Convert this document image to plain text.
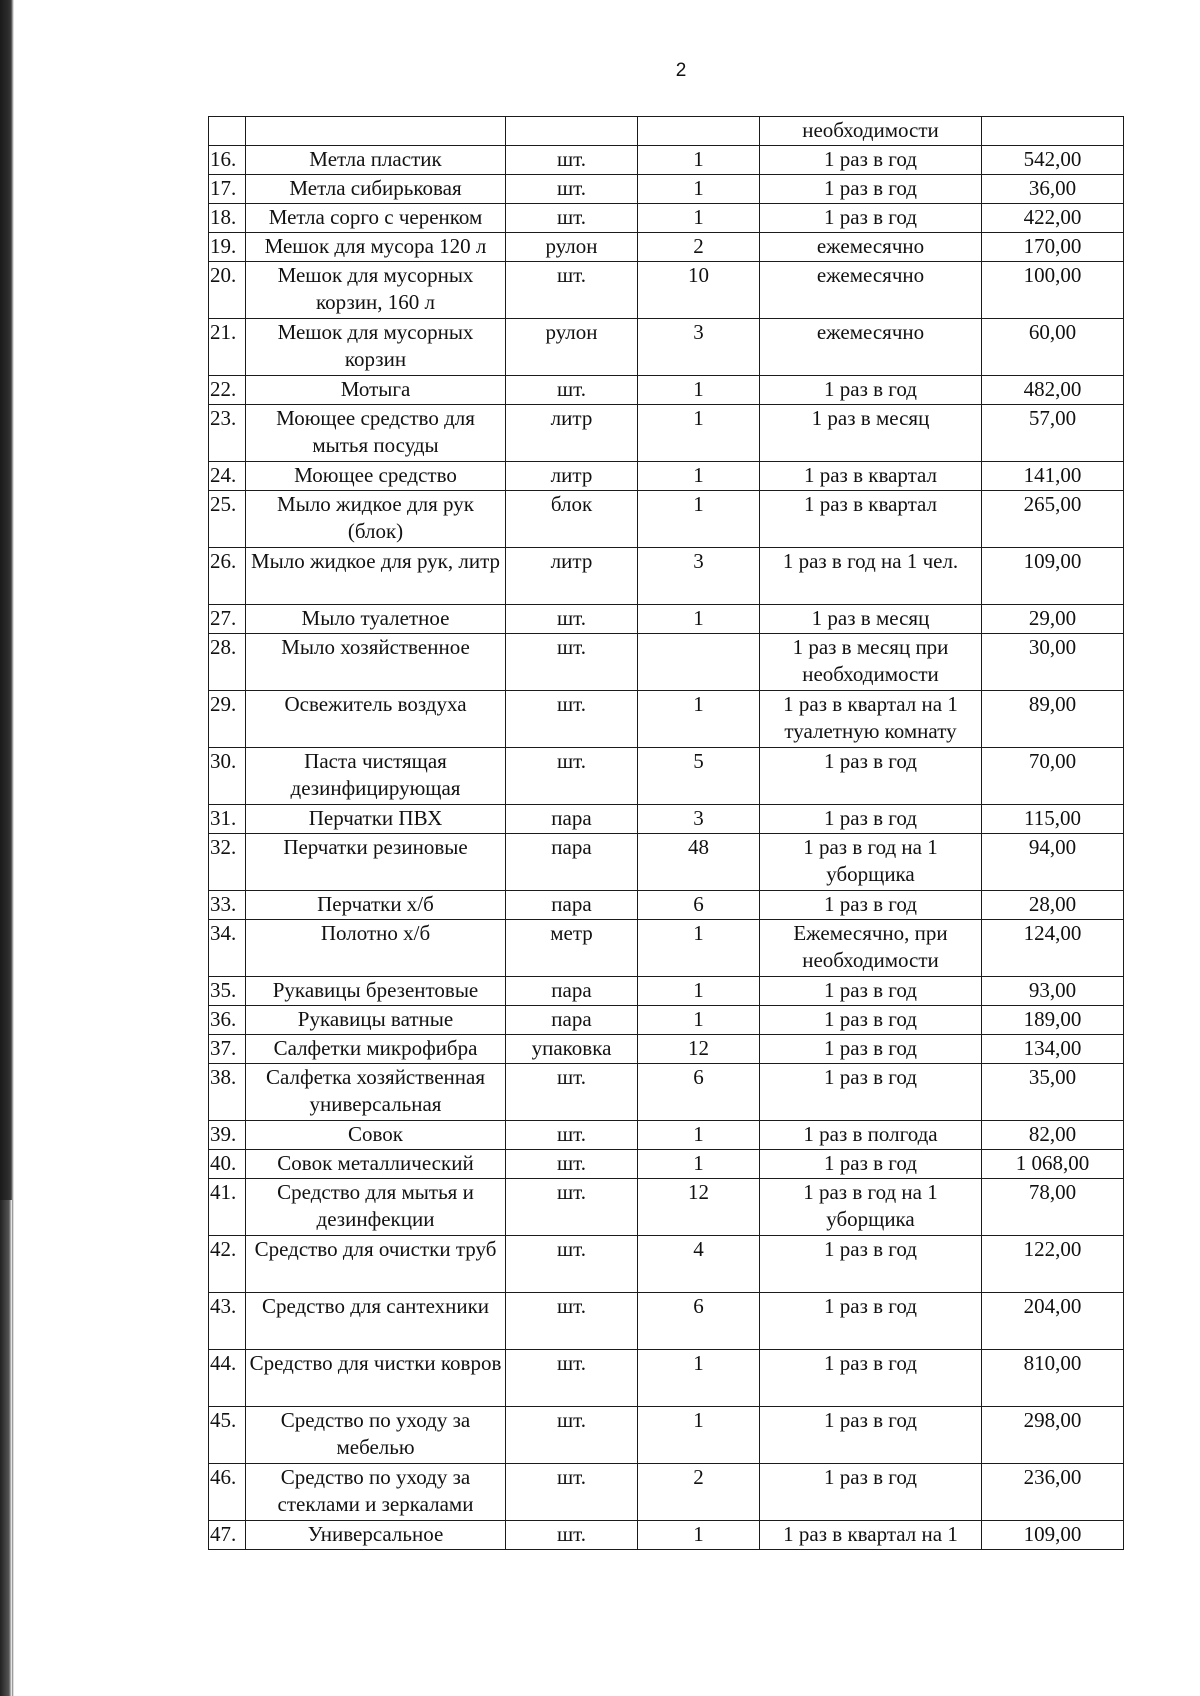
2
				необходимости	
16.	Метла пластик	шт.	1	1 раз в год	542,00
17.	Метла сибирьковая	шт.	1	1 раз в год	36,00
18.	Метла сорго с черенком	шт.	1	1 раз в год	422,00
19.	Мешок для мусора 120 л	рулон	2	ежемесячно	170,00
20.	Мешок для мусорных корзин, 160 л	шт.	10	ежемесячно	100,00
21.	Мешок для мусорных корзин	рулон	3	ежемесячно	60,00
22.	Мотыга	шт.	1	1 раз в год	482,00
23.	Моющее средство для мытья посуды	литр	1	1 раз в месяц	57,00
24.	Моющее средство	литр	1	1 раз в квартал	141,00
25.	Мыло жидкое для рук (блок)	блок	1	1 раз в квартал	265,00
26.	Мыло жидкое для рук, литр	литр	3	1 раз в год на 1 чел.	109,00
27.	Мыло туалетное	шт.	1	1 раз в месяц	29,00
28.	Мыло хозяйственное	шт.		1 раз в месяц при необходимости	30,00
29.	Освежитель воздуха	шт.	1	1 раз в квартал на 1 туалетную комнату	89,00
30.	Паста чистящая дезинфицирующая	шт.	5	1 раз в год	70,00
31.	Перчатки ПВХ	пара	3	1 раз в год	115,00
32.	Перчатки резиновые	пара	48	1 раз в год на 1 уборщика	94,00
33.	Перчатки х/б	пара	6	1 раз в год	28,00
34.	Полотно х/б	метр	1	Ежемесячно, при необходимости	124,00
35.	Рукавицы брезентовые	пара	1	1 раз в год	93,00
36.	Рукавицы ватные	пара	1	1 раз в год	189,00
37.	Салфетки микрофибра	упаковка	12	1 раз в год	134,00
38.	Салфетка хозяйственная универсальная	шт.	6	1 раз в год	35,00
39.	Совок	шт.	1	1 раз в полгода	82,00
40.	Совок металлический	шт.	1	1 раз в год	1 068,00
41.	Средство для мытья и дезинфекции	шт.	12	1 раз в год на 1 уборщика	78,00
42.	Средство для очистки труб	шт.	4	1 раз в год	122,00
43.	Средство для сантехники	шт.	6	1 раз в год	204,00
44.	Средство для чистки ковров	шт.	1	1 раз в год	810,00
45.	Средство по уходу за мебелью	шт.	1	1 раз в год	298,00
46.	Средство по уходу за стеклами и зеркалами	шт.	2	1 раз в год	236,00
47.	Универсальное	шт.	1	1 раз в квартал на 1	109,00
